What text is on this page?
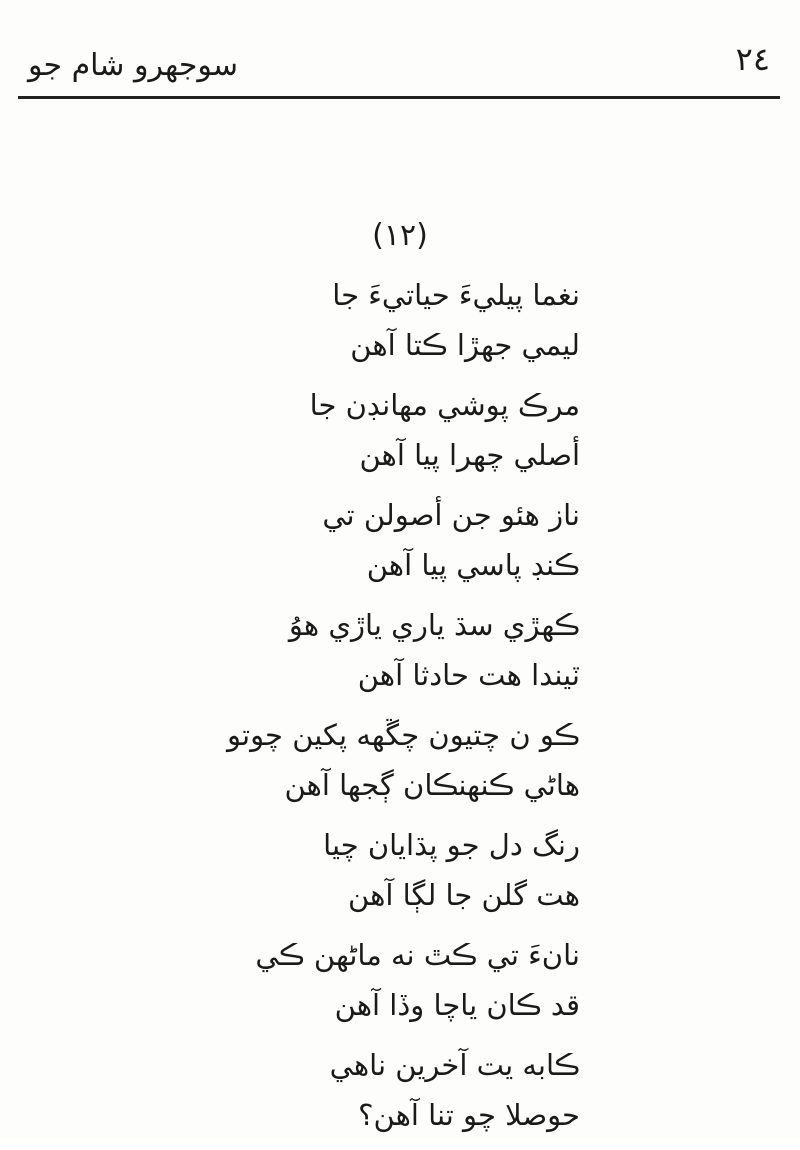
سوجھرو شام جو	٢٤
(١٢)
نغما پيليءَ حياتيءَ جا
ليمي جھڙا ڪتا آهن
مرڪ پوشي مهانڊن جا
أصلي چهرا پيا آهن
ناز هئو جن أصولن تي
ڪنڊ پاسي پيا آهن
ڪهڙي سڌ ياري ياڙي هوُ
ٽيندا هت حادثا آهن
ڪو ن چتيون چڱهه پکين چوتو
هاڻي ڪنهنڪان ڳجها آهن
رنگ دل جو پڌايان چيا
هت گلن جا لڳا آهن
نانءَ تي ڪٿ نه ماڻهن ڪي
قد ڪان ياچا وڏا آهن
ڪابه يت آخرين ناهي
حوصلا چو تنا آهن؟
